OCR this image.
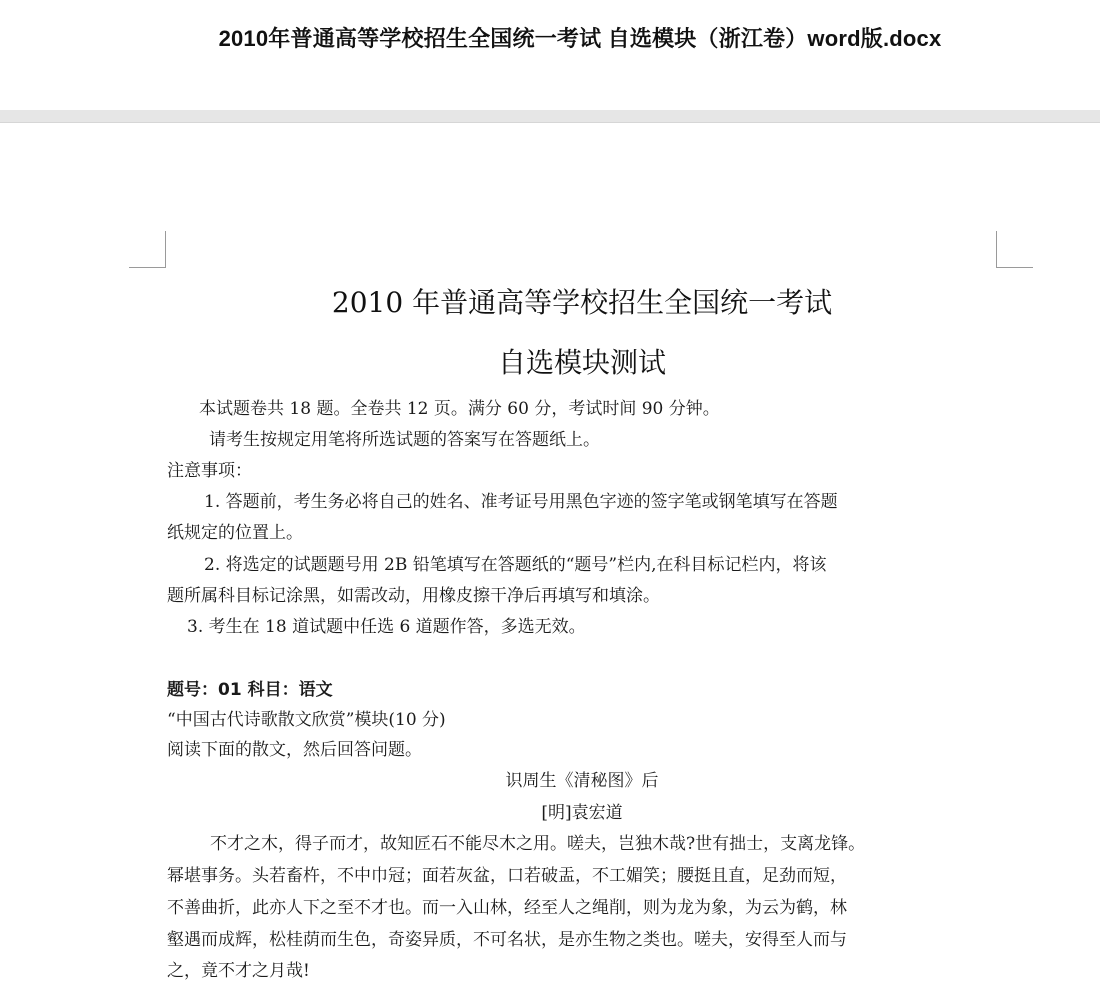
2010年普通高等学校招生全国统一考试 自选模块（浙江卷）word版.docx
2010 年普通高等学校招生全国统一考试
自选模块测试
本试题卷共 18 题。全卷共 12 页。满分 60 分，考试时间 90 分钟。
请考生按规定用笔将所选试题的答案写在答题纸上。
注意事项：
1. 答题前，考生务必将自己的姓名、准考证号用黑色字迹的签字笔或钢笔填写在答题
纸规定的位置上。
2. 将选定的试题题号用 2B 铅笔填写在答题纸的“题号”栏内,在科目标记栏内，将该
题所属科目标记涂黑，如需改动，用橡皮擦干净后再填写和填涂。
3. 考生在 18 道试题中任选 6 道题作答，多选无效。
题号：01 科目：语文
“中国古代诗歌散文欣赏”模块(10 分)
阅读下面的散文，然后回答问题。
识周生《清秘图》后
[明]袁宏道
不才之木，得子而才，故知匠石不能尽木之用。嗟夫，岂独木哉?世有拙士，支离龙锋。
幂堪事务。头若畜杵，不中巾冠；面若灰盆，口若破盂，不工媚笑；腰挺且直，足劲而短，
不善曲折，此亦人下之至不才也。而一入山林，经至人之绳削，则为龙为象，为云为鹤，林
壑遇而成辉，松桂荫而生色，奇姿异质，不可名状，是亦生物之类也。嗟夫，安得至人而与
之，竟不才之月哉!
